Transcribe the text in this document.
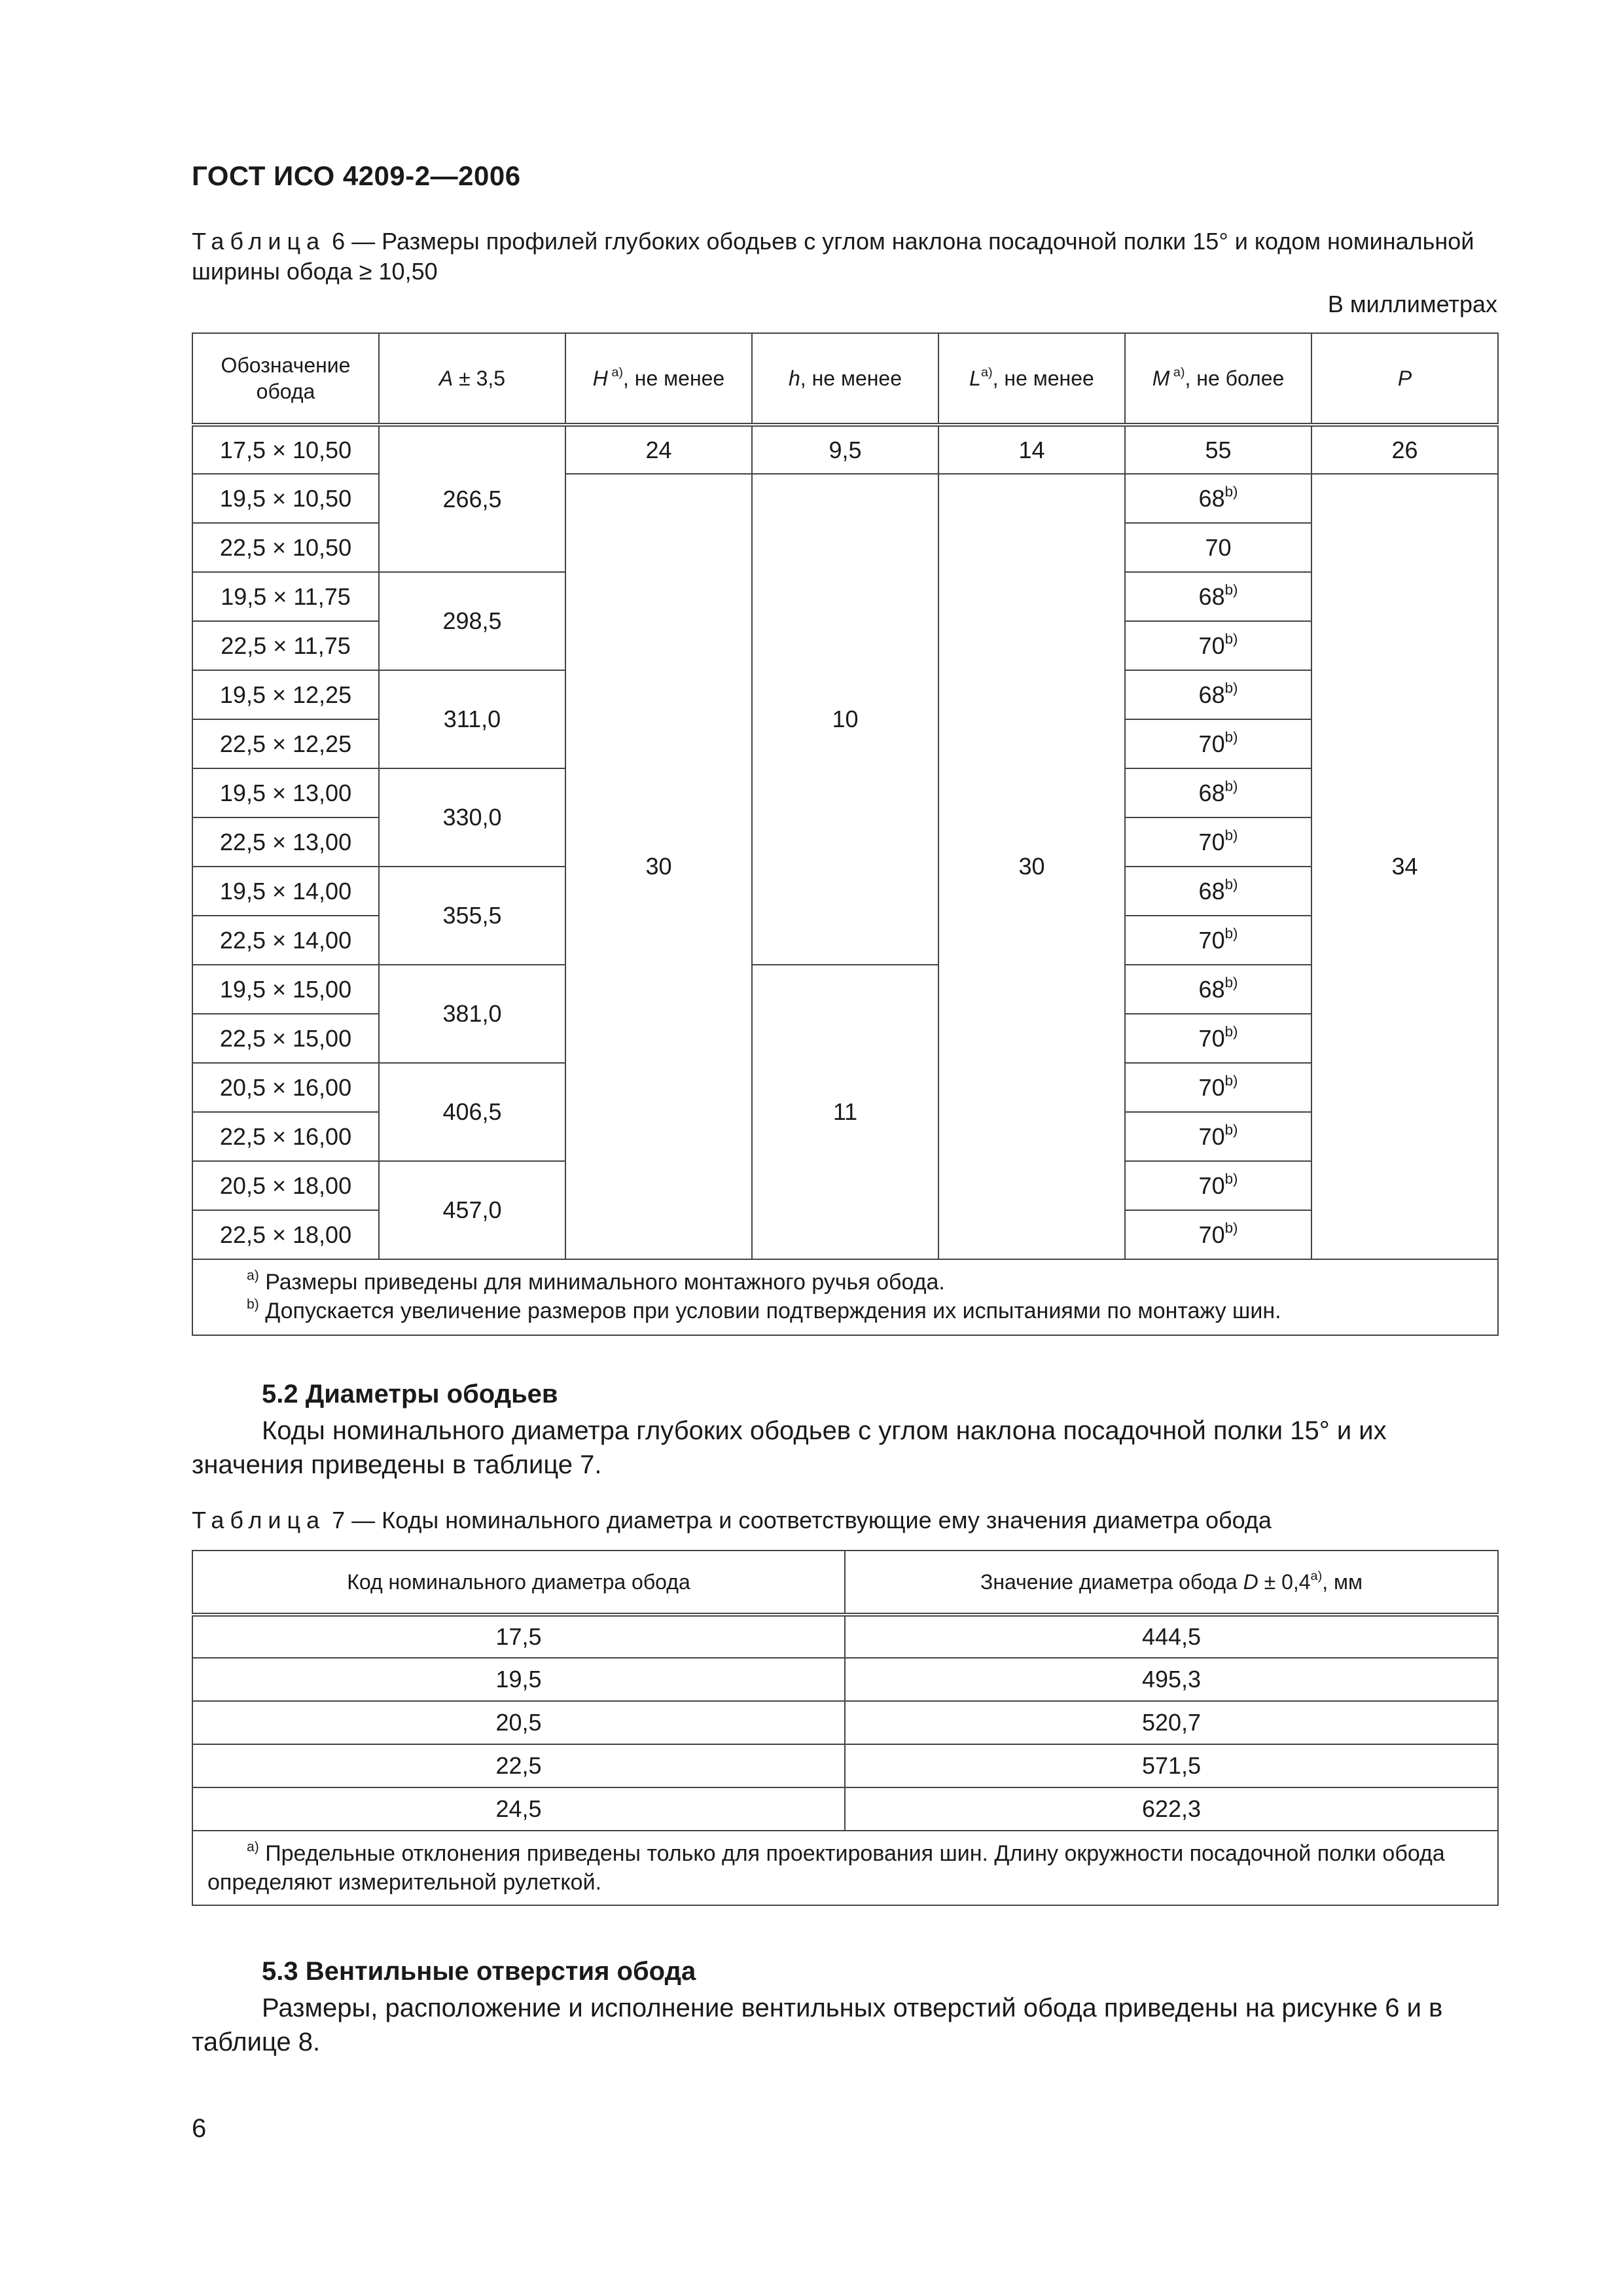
ГОСТ ИСО 4209-2—2006
Таблица 6 — Размеры профилей глубоких ободьев с углом наклона посадочной полки 15° и кодом номинальной ширины обода ≥ 10,50
В миллиметрах
Обозначение обода	A ± 3,5	H $^{a)}$, не менее	h, не менее	$L^{a)}$, не менее	M $^{a)}$, не более	P
17,5 × 10,50	266,5	24	9,5	14	55	26
19,5 × 10,50		30	10	30	68$^{b)}$	34
22,5 × 10,50					70	
19,5 × 11,75	298,5				68$^{b)}$
22,5 × 11,75					70$^{b)}$
19,5 × 12,25	311,0				68$^{b)}$
22,5 × 12,25					70$^{b)}$
19,5 × 13,00	330,0				68$^{b)}$
22,5 × 13,00					70$^{b)}$
19,5 × 14,00	355,5				68$^{b)}$
22,5 × 14,00					70$^{b)}$
19,5 × 15,00	381,0		11		68$^{b)}$
22,5 × 15,00					70$^{b)}$
20,5 × 16,00	406,5				70$^{b)}$
22,5 × 16,00					70$^{b)}$
20,5 × 18,00	457,0				70$^{b)}$
22,5 × 18,00					70$^{b)}$

$^{a)}$ Размеры приведены для минимального монтажного ручья обода.
$^{b)}$ Допускается увеличение размеров при условии подтверждения их испытаниями по монтажу шин.						
5.2 Диаметры ободьев
Коды номинального диаметра глубоких ободьев с углом наклона посадочной полки 15° и их значения приведены в таблице 7.
Таблица 7 — Коды номинального диаметра и соответствующие ему значения диаметра обода
Код номинального диаметра обода	Значение диаметра обода $D \pm 0,4^{a)}$, мм
17,5	444,5
19,5	495,3
20,5	520,7
22,5	571,5
24,5	622,3
$^{a)}$ Предельные отклонения приведены только для проектирования шин. Длину окружности посадочной полки обода определяют измерительной рулеткой.	
5.3 Вентильные отверстия обода
Размеры, расположение и исполнение вентильных отверстий обода приведены на рисунке 6 и в таблице 8.
6
